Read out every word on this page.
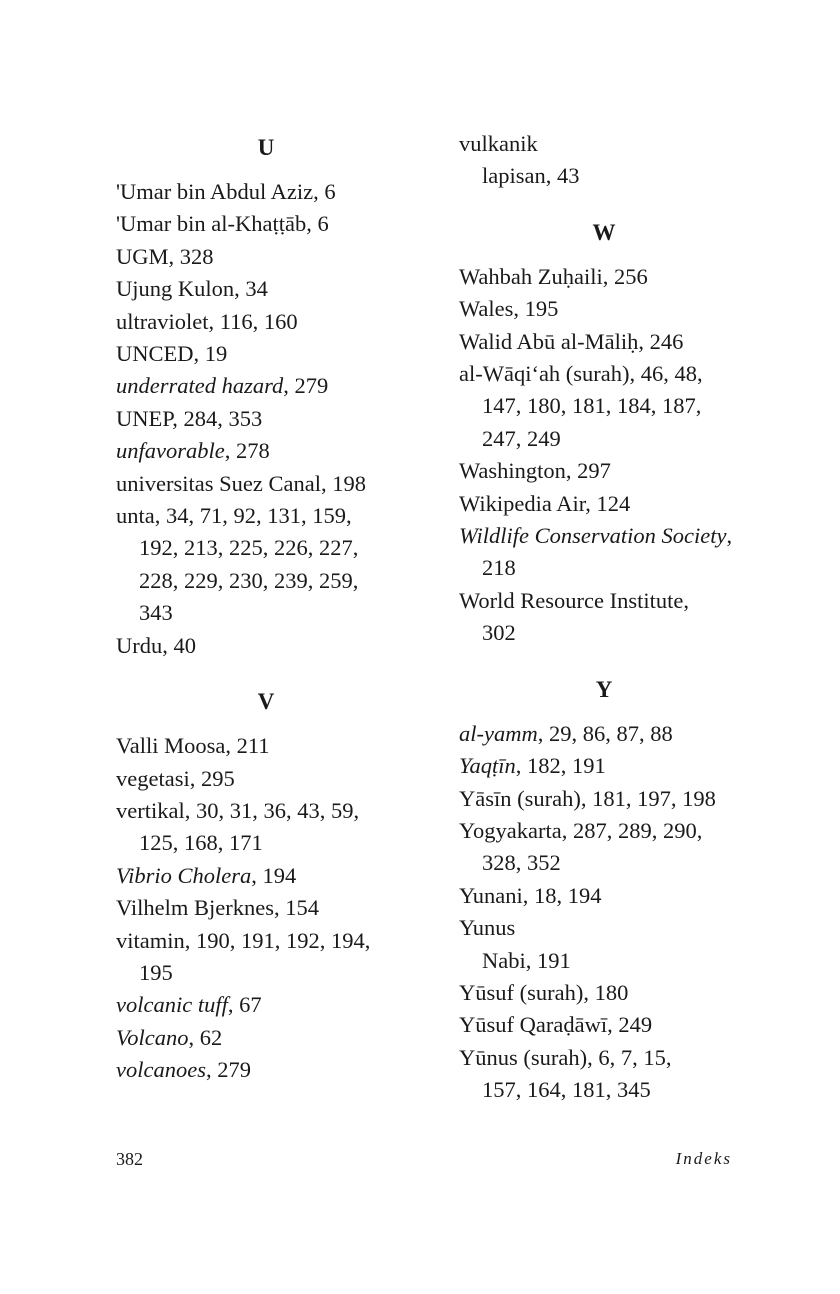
U
'Umar bin Abdul Aziz, 6
'Umar bin al-Khaṭṭāb, 6
UGM, 328
Ujung Kulon, 34
ultraviolet, 116, 160
UNCED, 19
underrated hazard, 279
UNEP, 284, 353
unfavorable, 278
universitas Suez Canal, 198
unta, 34, 71, 92, 131, 159,
192, 213, 225, 226, 227,
228, 229, 230, 239, 259,
343
Urdu, 40
V
Valli Moosa, 211
vegetasi, 295
vertikal, 30, 31, 36, 43, 59,
125, 168, 171
Vibrio Cholera, 194
Vilhelm Bjerknes, 154
vitamin, 190, 191, 192, 194,
195
volcanic tuff, 67
Volcano, 62
volcanoes, 279
vulkanik
lapisan, 43
W
Wahbah Zuḥaili, 256
Wales, 195
Walid Abū al-Māliḥ, 246
al-Wāqi‘ah (surah), 46, 48,
147, 180, 181, 184, 187,
247, 249
Washington, 297
Wikipedia Air, 124
Wildlife Conservation Society,
218
World Resource Institute,
302
Y
al-yamm, 29, 86, 87, 88
Yaqṭīn, 182, 191
Yāsīn (surah), 181, 197, 198
Yogyakarta, 287, 289, 290,
328, 352
Yunani, 18, 194
Yunus
Nabi, 191
Yūsuf (surah), 180
Yūsuf Qaraḍāwī, 249
Yūnus (surah), 6, 7, 15,
157, 164, 181, 345
382	Indeks
